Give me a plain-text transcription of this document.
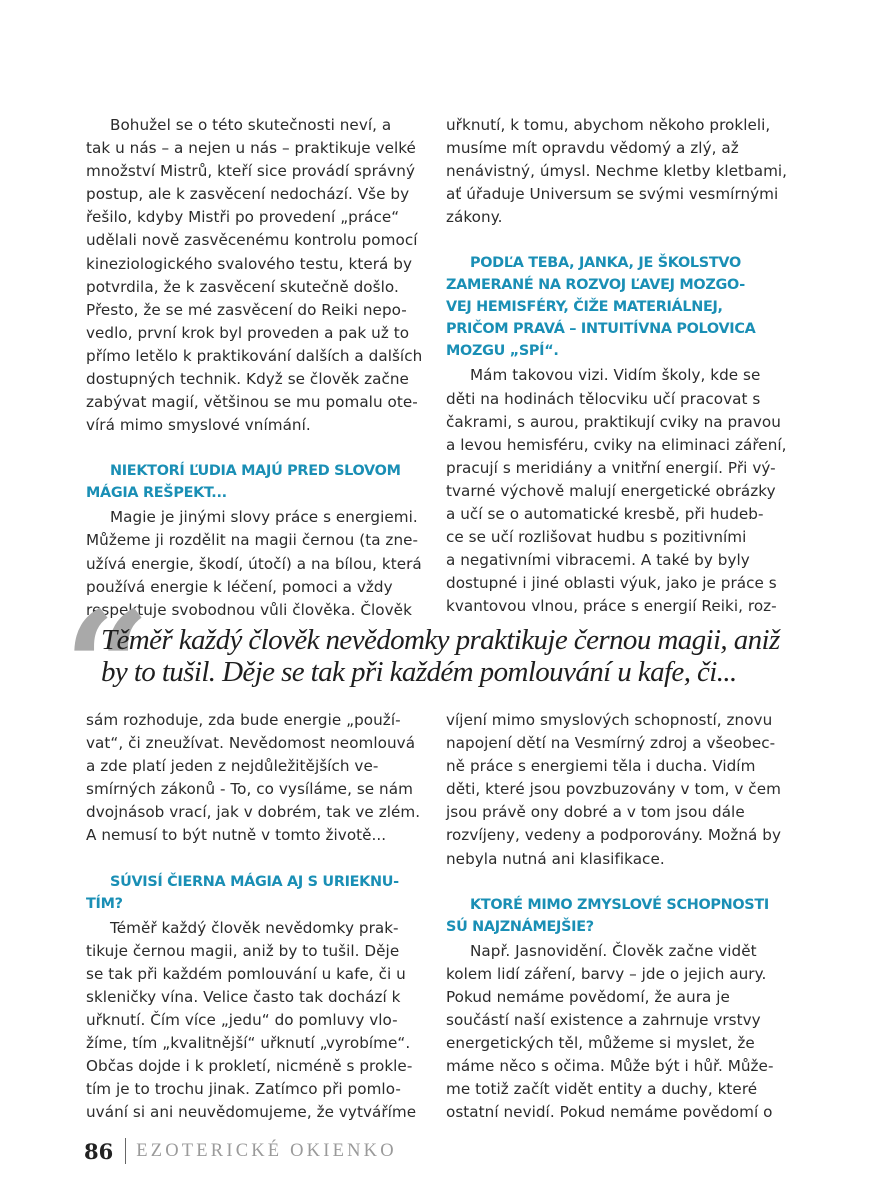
Bohužel se o této skutečnosti neví, a
tak u nás – a nejen u nás – praktikuje velké
množství Mistrů, kteří sice provádí správný
postup, ale k zasvěcení nedochází. Vše by
řešilo, kdyby Mistři po provedení „práce“
udělali nově zasvěcenému kontrolu pomocí
kineziologického svalového testu, která by
potvrdila, že k zasvěcení skutečně došlo.
Přesto, že se mé zasvěcení do Reiki nepo-
vedlo, první krok byl proveden a pak už to
přímo letělo k praktikování dalších a dalších
dostupných technik. Když se člověk začne
zabývat magií, většinou se mu pomalu ote-
vírá mimo smyslové vnímání.
NIEKTORÍ ĽUDIA MAJÚ PRED SLOVOM
MÁGIA REŠPEKT...
Magie je jinými slovy práce s energiemi.
Můžeme ji rozdělit na magii černou (ta zne-
užívá energie, škodí, útočí) a na bílou, která
používá energie k léčení, pomoci a vždy
respektuje svobodnou vůli člověka. Člověk
uřknutí, k tomu, abychom někoho prokleli,
musíme mít opravdu vědomý a zlý, až
nenávistný, úmysl. Nechme kletby kletbami,
ať úřaduje Universum se svými vesmírnými
zákony.
PODĽA TEBA, JANKA, JE ŠKOLSTVO
ZAMERANÉ NA ROZVOJ ĽAVEJ MOZGO-
VEJ HEMISFÉRY, ČIŽE MATERIÁLNEJ,
PRIČOM PRAVÁ – INTUITÍVNA POLOVICA
MOZGU „SPÍ“.
Mám takovou vizi. Vidím školy, kde se
děti na hodinách tělocviku učí pracovat s
čakrami, s aurou, praktikují cviky na pravou
a levou hemisféru, cviky na eliminaci záření,
pracují s meridiány a vnitřní energií. Při vý-
tvarné výchově malují energetické obrázky
a učí se o automatické kresbě, při hudeb-
ce se učí rozlišovat hudbu s pozitivními
a negativními vibracemi. A také by byly
dostupné i jiné oblasti výuk, jako je práce s
kvantovou vlnou, práce s energií Reiki, roz-
“
Těměř každý člověk nevědomky praktikuje černou magii, aniž
by to tušil. Děje se tak při každém pomlouvání u kafe, či...
sám rozhoduje, zda bude energie „použí-
vat“, či zneužívat. Nevědomost neomlouvá
a zde platí jeden z nejdůležitějších ve-
smírných zákonů - To, co vysíláme, se nám
dvojnásob vrací, jak v dobrém, tak ve zlém.
A nemusí to být nutně v tomto životě...
SÚVISÍ ČIERNA MÁGIA AJ S URIEKNU-
TÍM?
Téměř každý člověk nevědomky prak-
tikuje černou magii, aniž by to tušil. Děje
se tak při každém pomlouvání u kafe, či u
skleničky vína. Velice často tak dochází k
uřknutí. Čím více „jedu“ do pomluvy vlo-
žíme, tím „kvalitnější“ uřknutí „vyrobíme“.
Občas dojde i k prokletí, nicméně s prokle-
tím je to trochu jinak. Zatímco při pomlo-
uvání si ani neuvědomujeme, že vytváříme
víjení mimo smyslových schopností, znovu
napojení dětí na Vesmírný zdroj a všeobec-
ně práce s energiemi těla i ducha. Vidím
děti, které jsou povzbuzovány v tom, v čem
jsou právě ony dobré a v tom jsou dále
rozvíjeny, vedeny a podporovány. Možná by
nebyla nutná ani klasifikace.
KTORÉ MIMO ZMYSLOVÉ SCHOPNOSTI
SÚ NAJZNÁMEJŠIE?
Např. Jasnovidění. Člověk začne vidět
kolem lidí záření, barvy – jde o jejich aury.
Pokud nemáme povědomí, že aura je
součástí naší existence a zahrnuje vrstvy
energetických těl, můžeme si myslet, že
máme něco s očima. Může být i hůř. Může-
me totiž začít vidět entity a duchy, které
ostatní nevidí. Pokud nemáme povědomí o
86 EZOTERICKÉ OKIENKO
